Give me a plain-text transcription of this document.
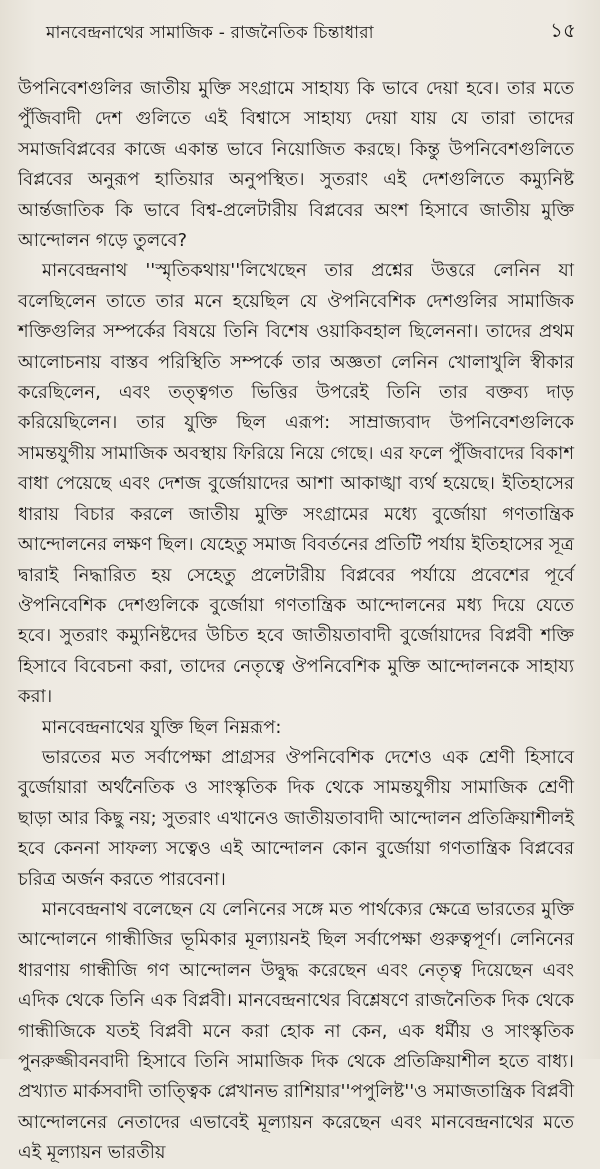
মানবেন্দ্রনাথের সামাজিক - রাজনৈতিক চিন্তাধারা	১৫

উপনিবেশগুলির জাতীয় মুক্তি সংগ্রামে সাহায্য কি ভাবে দেয়া হবে। তার মতে পুঁজিবাদী দেশ গুলিতে এই বিশ্বাসে সাহায্য দেয়া যায় যে তারা তাদের সমাজবিপ্লবের কাজে একান্ত ভাবে নিয়োজিত করছে। কিন্তু উপনিবেশগুলিতে বিপ্লবের অনুরূপ হাতিয়ার অনুপস্থিত। সুতরাং এই দেশগুলিতে কম্যুনিষ্ট আর্ন্তজাতিক কি ভাবে বিশ্ব-প্রলেটারীয় বিপ্লবের অংশ হিসাবে জাতীয় মুক্তি আন্দোলন গড়ে তুলবে?

মানবেন্দ্রনাথ ''স্মৃতিকথায়''লিখেছেন তার প্রশ্নের উত্তরে লেনিন যা বলেছিলেন তাতে তার মনে হয়েছিল যে ঔপনিবেশিক দেশগুলির সামাজিক শক্তিগুলির সম্পর্কের বিষয়ে তিনি বিশেষ ওয়াকিবহাল ছিলেননা। তাদের প্রথম আলোচনায় বাস্তব পরিস্থিতি সম্পর্কে তার অজ্ঞতা লেনিন খোলাখুলি স্বীকার করেছিলেন, এবং তত্ত্বগত ভিত্তির উপরেই তিনি তার বক্তব্য দাড় করিয়েছিলেন। তার যুক্তি ছিল এরূপ: সাম্রাজ্যবাদ উপনিবেশগুলিকে সামন্তযুগীয় সামাজিক অবস্থায় ফিরিয়ে নিয়ে গেছে। এর ফলে পুঁজিবাদের বিকাশ বাধা পেয়েছে এবং দেশজ বুর্জোয়াদের আশা আকাঙ্খা ব্যর্থ হয়েছে। ইতিহাসের ধারায় বিচার করলে জাতীয় মুক্তি সংগ্রামের মধ্যে বুর্জোয়া গণতান্ত্রিক আন্দোলনের লক্ষণ ছিল। যেহেতু সমাজ বিবর্তনের প্রতিটি পর্যায় ইতিহাসের সূত্র দ্বারাই নিদ্ধারিত হয় সেহেতু প্রলেটারীয় বিপ্লবের পর্যায়ে প্রবেশের পূর্বে ঔপনিবেশিক দেশগুলিকে বুর্জোয়া গণতান্ত্রিক আন্দোলনের মধ্য দিয়ে যেতে হবে। সুতরাং কম্যুনিষ্টদের উচিত হবে জাতীয়তাবাদী বুর্জোয়াদের বিপ্লবী শক্তি হিসাবে বিবেচনা করা, তাদের নেতৃত্বে ঔপনিবেশিক মুক্তি আন্দোলনকে সাহায্য করা।

মানবেন্দ্রনাথের যুক্তি ছিল নিম্নরূপ:

ভারতের মত সর্বাপেক্ষা প্রাগ্রসর ঔপনিবেশিক দেশেও এক শ্রেণী হিসাবে বুর্জোয়ারা অর্থনৈতিক ও সাংস্কৃতিক দিক থেকে সামন্তযুগীয় সামাজিক শ্রেণী ছাড়া আর কিছু নয়; সুতরাং এখানেও জাতীয়তাবাদী আন্দোলন প্রতিক্রিয়াশীলই হবে কেননা সাফল্য সত্বেও এই আন্দোলন কোন বুর্জোয়া গণতান্ত্রিক বিপ্লবের চরিত্র অর্জন করতে পারবেনা।

মানবেন্দ্রনাথ বলেছেন যে লেনিনের সঙ্গে মত পার্থক্যের ক্ষেত্রে ভারতের মুক্তি আন্দোলনে গান্ধীজির ভূমিকার মূল্যায়নই ছিল সর্বাপেক্ষা গুরুত্বপূর্ণ। লেনিনের ধারণায় গান্ধীজি গণ আন্দোলন উদ্বুদ্ধ করেছেন এবং নেতৃত্ব দিয়েছেন এবং এদিক থেকে তিনি এক বিপ্লবী। মানবেন্দ্রনাথের বিশ্লেষণে রাজনৈতিক দিক থেকে গান্ধীজিকে যতই বিপ্লবী মনে করা হোক না কেন, এক ধর্মীয় ও সাংস্কৃতিক পুনরুজ্জীবনবাদী হিসাবে তিনি সামাজিক দিক থেকে প্রতিক্রিয়াশীল হতে বাধ্য। প্রখ্যাত মার্কসবাদী তাত্ত্বিক প্লেখানভ রাশিয়ার''পপুলিষ্ট''ও সমাজতান্ত্রিক বিপ্লবী আন্দোলনের নেতাদের এভাবেই মূল্যায়ন করেছেন এবং মানবেন্দ্রনাথের মতে এই মূল্যায়ন ভারতীয়
